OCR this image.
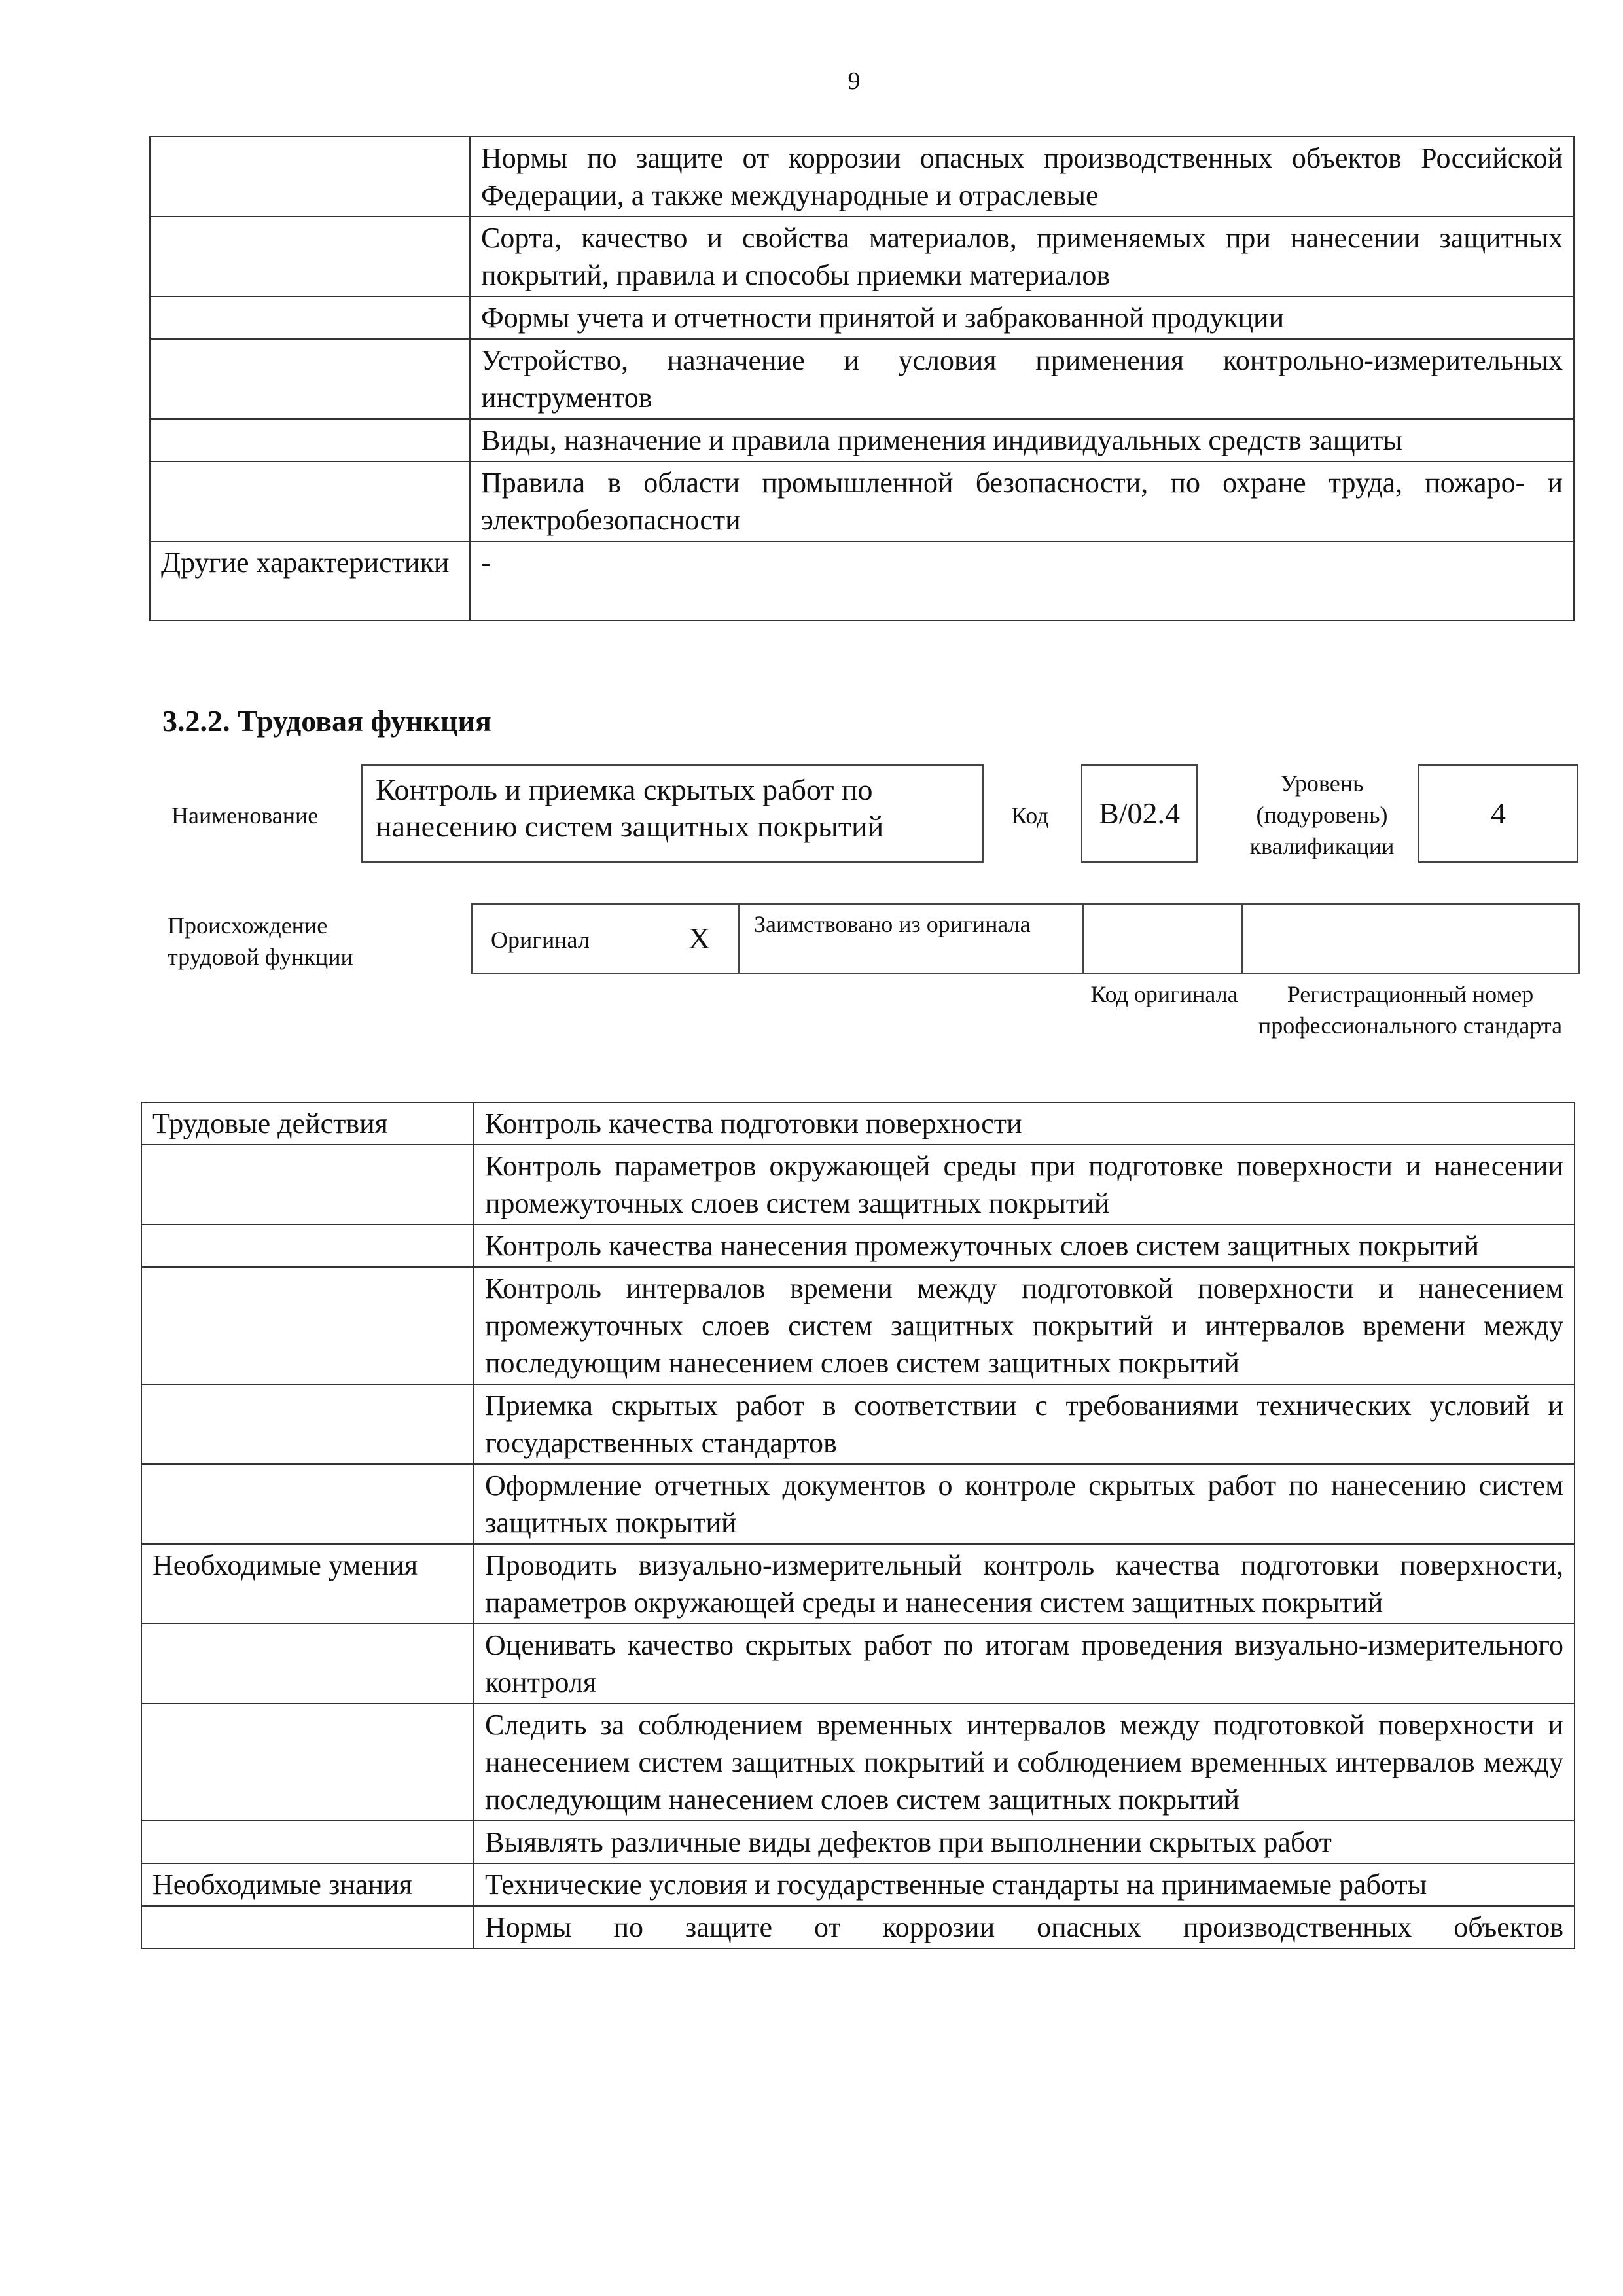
9
	Нормы по защите от коррозии опасных производственных объектов Российской Федерации, а также международные и отраслевые
	Сорта, качество и свойства материалов, применяемых при нанесении защитных покрытий, правила и способы приемки материалов
	Формы учета и отчетности принятой и забракованной продукции
	Устройство, назначение и условия применения контрольно-измерительных инструментов
	Виды, назначение и правила применения индивидуальных средств защиты
	Правила в области промышленной безопасности, по охране труда, пожаро- и электробезопасности
Другие характеристики	-
3.2.2. Трудовая функция
Наименование
Контроль и приемка скрытых работ по нанесению систем защитных покрытий	Код	B/02.4
Уровень (подуровень) квалификации
4
Происхождение трудовой функции
Оригинал	X	Заимствовано из оригинала
Код оригинала	Регистрационный номер профессионального стандарта
Трудовые действия	Контроль качества подготовки поверхности
	Контроль параметров окружающей среды при подготовке поверхности и нанесении промежуточных слоев систем защитных покрытий
	Контроль качества нанесения промежуточных слоев систем защитных покрытий
	Контроль интервалов времени между подготовкой поверхности и нанесением промежуточных слоев систем защитных покрытий и интервалов времени между последующим нанесением слоев систем защитных покрытий
	Приемка скрытых работ в соответствии с требованиями технических условий и государственных стандартов
	Оформление отчетных документов о контроле скрытых работ по нанесению систем защитных покрытий
Необходимые умения	Проводить визуально-измерительный контроль качества подготовки поверхности, параметров окружающей среды и нанесения систем защитных покрытий
	Оценивать качество скрытых работ по итогам проведения визуально-измерительного контроля
	Следить за соблюдением временных интервалов между подготовкой поверхности и нанесением систем защитных покрытий и соблюдением временных интервалов между последующим нанесением слоев систем защитных покрытий
	Выявлять различные виды дефектов при выполнении скрытых работ
Необходимые знания	Технические условия и государственные стандарты на принимаемые работы
	Нормы по защите от коррозии опасных производственных объектов
